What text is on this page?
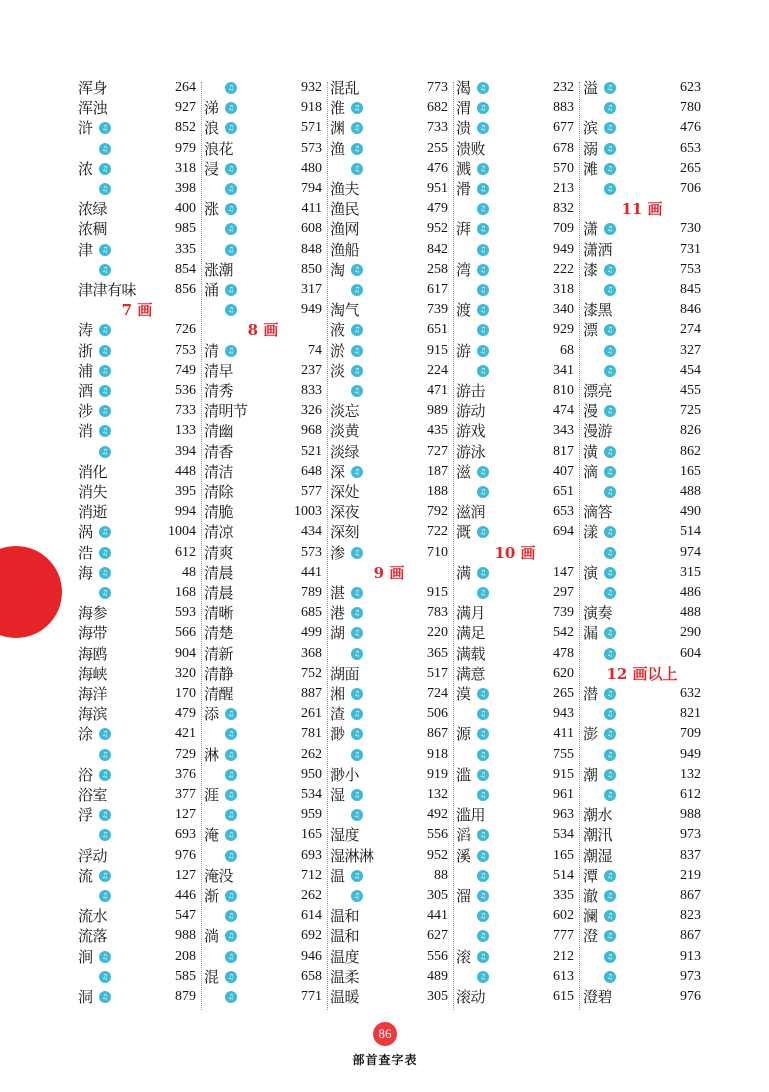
浑身	264
浑浊	927
浒	♫	852
♫	979
浓	♫	318
♫	398
浓绿	400
浓稠	985
津	♫	335
♫	854
津津有味	856
7 画
涛	♫	726
浙	♫	753
浦	♫	749
酒	♫	536
涉	♫	733
消	♫	133
♫	394
消化	448
消失	395
消逝	994
涡	♫	1004
浩	♫	612
海	♫	48
♫	168
海参	593
海带	566
海鸥	904
海峡	320
海洋	170
海滨	479
涂	♫	421
♫	729
浴	♫	376
浴室	377
浮	♫	127
♫	693
浮动	976
流	♫	127
♫	446
流水	547
流落	988
涧	♫	208
♫	585
洞	♫	879
♫	932
涕	♫	918
浪	♫	571
浪花	573
浸	♫	480
♫	794
涨	♫	411
♫	608
♫	848
涨潮	850
涌	♫	317
♫	949
8 画
清	♫	74
清早	237
清秀	833
清明节	326
清幽	968
清香	521
清洁	648
清除	577
清脆	1003
清凉	434
清爽	573
清晨	441
清晨	789
清晰	685
清楚	499
清新	368
清静	752
清醒	887
添	♫	261
♫	781
淋	♫	262
♫	950
涯	♫	534
♫	959
淹	♫	165
♫	693
淹没	712
渐	♫	262
♫	614
淌	♫	692
♫	946
混	♫	658
♫	771
混乱	773
淮	♫	682
渊	♫	733
渔	♫	255
♫	476
渔夫	951
渔民	479
渔网	952
渔船	842
淘	♫	258
♫	617
淘气	739
液	♫	651
淤	♫	915
淡	♫	224
♫	471
淡忘	989
淡黄	435
淡绿	727
深	♫	187
深处	188
深夜	792
深刻	722
渗	♫	710
9 画
湛	♫	915
港	♫	783
湖	♫	220
♫	365
湖面	517
湘	♫	724
渣	♫	506
渺	♫	867
♫	918
渺小	919
湿	♫	132
♫	492
湿度	556
湿淋淋	952
温	♫	88
♫	305
温和	441
温和	627
温度	556
温柔	489
温暖	305
渴	♫	232
渭	♫	883
溃	♫	677
溃败	678
溅	♫	570
滑	♫	213
♫	832
湃	♫	709
♫	949
湾	♫	222
♫	318
渡	♫	340
♫	929
游	♫	68
♫	341
游击	810
游动	474
游戏	343
游泳	817
滋	♫	407
♫	651
滋润	653
溉	♫	694
10 画
满	♫	147
♫	297
满月	739
满足	542
满载	478
满意	620
漠	♫	265
♫	943
源	♫	411
♫	755
滥	♫	915
♫	961
滥用	963
滔	♫	534
溪	♫	165
♫	514
溜	♫	335
♫	602
♫	777
滚	♫	212
♫	613
滚动	615
溢	♫	623
♫	780
滨	♫	476
溺	♫	653
滩	♫	265
♫	706
11 画
潇	♫	730
潇洒	731
漆	♫	753
♫	845
漆黑	846
漂	♫	274
♫	327
♫	454
漂亮	455
漫	♫	725
漫游	826
潢	♫	862
滴	♫	165
♫	488
滴答	490
漾	♫	514
♫	974
演	♫	315
♫	486
演奏	488
漏	♫	290
♫	604
12 画以上
潜	♫	632
♫	821
澎	♫	709
♫	949
潮	♫	132
♫	612
潮水	988
潮汛	973
潮湿	837
潭	♫	219
澈	♫	867
澜	♫	823
澄	♫	867
♫	913
♫	973
澄碧	976
86
部首查字表
